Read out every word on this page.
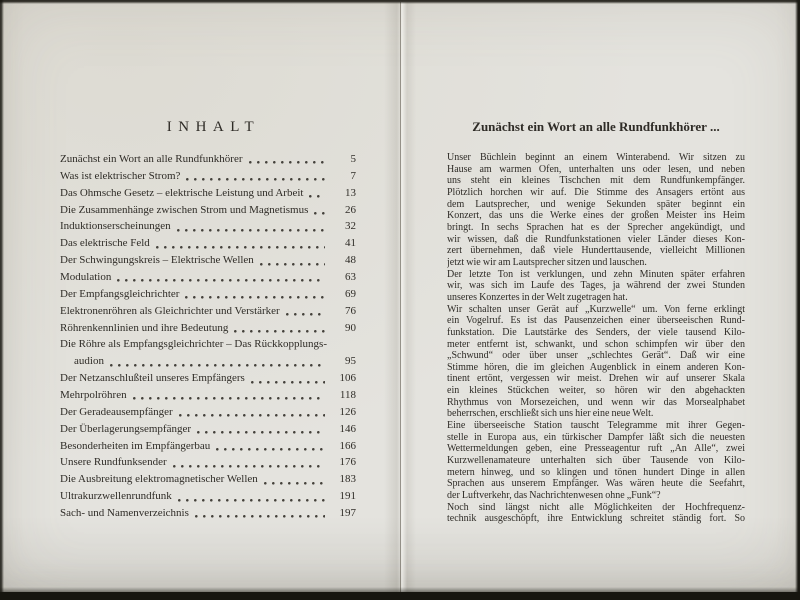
INHALT
Zunächst ein Wort an alle Rundfunkhörer	5
Was ist elektrischer Strom?	7
Das Ohmsche Gesetz – elektrische Leistung und Arbeit	13
Die Zusammenhänge zwischen Strom und Magnetismus	26
Induktionserscheinungen	32
Das elektrische Feld	41
Der Schwingungskreis – Elektrische Wellen	48
Modulation	63
Der Empfangsgleichrichter	69
Elektronenröhren als Gleichrichter und Verstärker	76
Röhrenkennlinien und ihre Bedeutung	90
Die Röhre als Empfangsgleichrichter – Das Rückkopplungs-
audion	95
Der Netzanschlußteil unseres Empfängers	106
Mehrpolröhren	118
Der Geradeausempfänger	126
Der Überlagerungsempfänger	146
Besonderheiten im Empfängerbau	166
Unsere Rundfunksender	176
Die Ausbreitung elektromagnetischer Wellen	183
Ultrakurzwellenrundfunk	191
Sach- und Namenverzeichnis	197
Zunächst ein Wort an alle Rundfunkhörer ...
Unser Büchlein beginnt an einem Winterabend. Wir sitzen zu
Hause am warmen Ofen, unterhalten uns oder lesen, und neben
uns steht ein kleines Tischchen mit dem Rundfunkempfänger.
Plötzlich horchen wir auf. Die Stimme des Ansagers ertönt aus
dem Lautsprecher, und wenige Sekunden später beginnt ein
Konzert, das uns die Werke eines der großen Meister ins Heim
bringt. In sechs Sprachen hat es der Sprecher angekündigt, und
wir wissen, daß die Rundfunkstationen vieler Länder dieses Kon-
zert übernehmen, daß viele Hunderttausende, vielleicht Millionen
jetzt wie wir am Lautsprecher sitzen und lauschen.
Der letzte Ton ist verklungen, und zehn Minuten später erfahren
wir, was sich im Laufe des Tages, ja während der zwei Stunden
unseres Konzertes in der Welt zugetragen hat.
Wir schalten unser Gerät auf „Kurzwelle“ um. Von ferne erklingt
ein Vogelruf. Es ist das Pausenzeichen einer überseeischen Rund-
funkstation. Die Lautstärke des Senders, der viele tausend Kilo-
meter entfernt ist, schwankt, und schon schimpfen wir über den
„Schwund“ oder über unser „schlechtes Gerät“. Daß wir eine
Stimme hören, die im gleichen Augenblick in einem anderen Kon-
tinent ertönt, vergessen wir meist. Drehen wir auf unserer Skala
ein kleines Stückchen weiter, so hören wir den abgehackten
Rhythmus von Morsezeichen, und wenn wir das Morsealphabet
beherrschen, erschließt sich uns hier eine neue Welt.
Eine überseeische Station tauscht Telegramme mit ihrer Gegen-
stelle in Europa aus, ein türkischer Dampfer läßt sich die neuesten
Wettermeldungen geben, eine Presseagentur ruft „An Alle“, zwei
Kurzwellenamateure unterhalten sich über Tausende von Kilo-
metern hinweg, und so klingen und tönen hundert Dinge in allen
Sprachen aus unserem Empfänger. Was wären heute die Seefahrt,
der Luftverkehr, das Nachrichtenwesen ohne „Funk“?
Noch sind längst nicht alle Möglichkeiten der Hochfrequenz-
technik ausgeschöpft, ihre Entwicklung schreitet ständig fort. So
